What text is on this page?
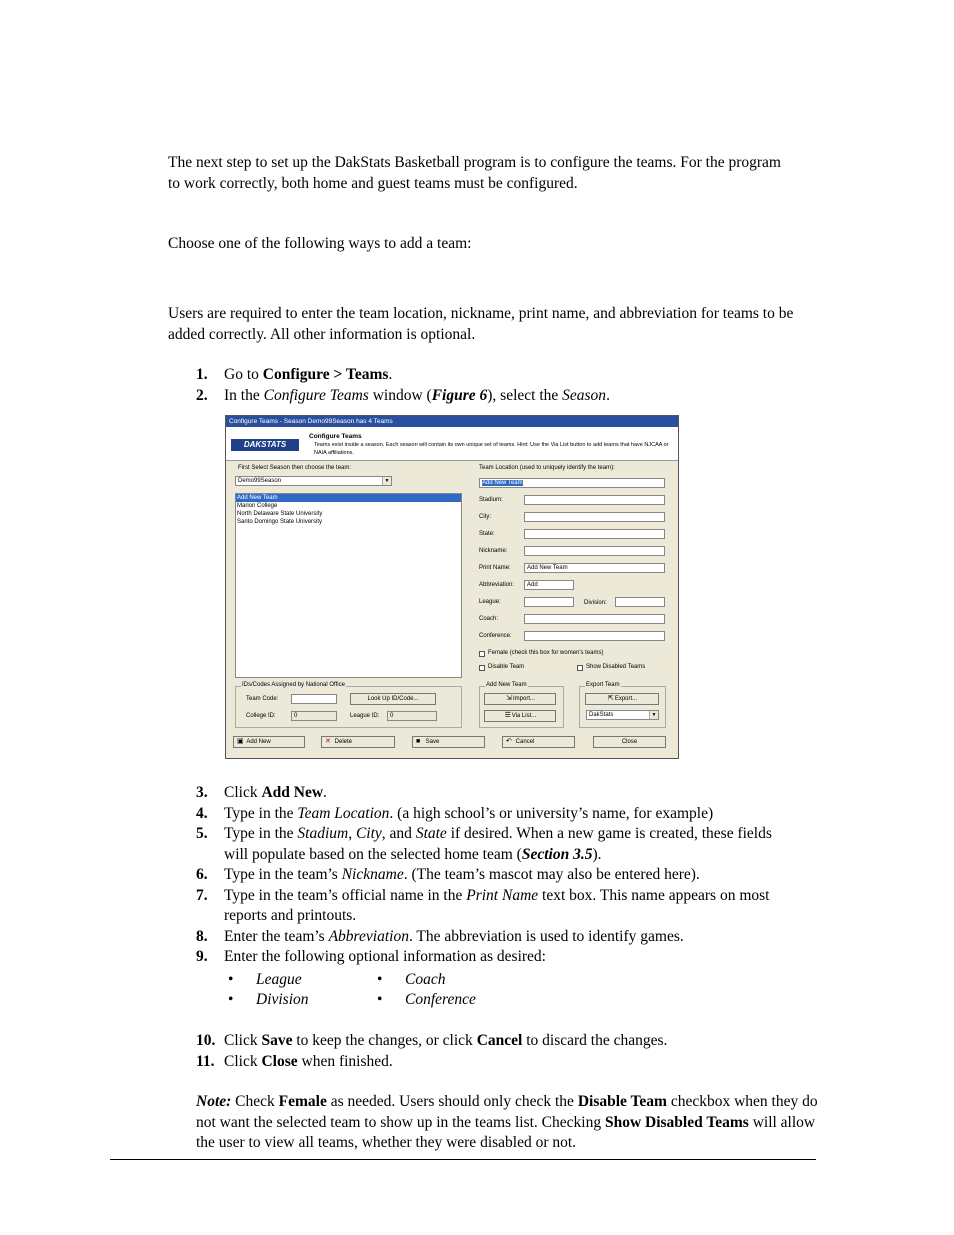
The next step to set up the DakStats Basketball program is to configure the teams. For the program to work correctly, both home and guest teams must be configured.
Choose one of the following ways to add a team:
Users are required to enter the team location, nickname, print name, and abbreviation for teams to be added correctly. All other information is optional.
1.	Go to Configure > Teams.
2.	In the Configure Teams window (Figure 6), select the Season.
Configure Teams - Season Demo99Season has 4 Teams
DAKSTATS
Configure Teams
Teams exist inside a season. Each season will contain its own unique set of teams. Hint: Use the Via List button to add teams that have NJCAA or NAIA affiliations.
First Select Season then choose the team:
Demo99Season	▼
Add New Team
Marion College
North Delaware State University
Santo Domingo State University
IDs/Codes Assigned by National Office
Team Code:	Look Up ID/Code...
College ID:	0	League ID:	0
Team Location (used to uniquely identify the team):
Add New Team
Stadium:
City:
State:
Nickname:
Print Name:	Add New Team
Abbreviation:	Add
League:	Division:
Coach:
Conference:
Female (check this box for women's teams)
Disable Team	Show Disabled Teams
Add New Team
⇲Import...
☰Via List...
Export Team
⇱Export...
DakStats	▼
▣ Add New	✕ Delete	■ Save	↶ Cancel	Close
3.	Click Add New.
4.	Type in the Team Location. (a high school’s or university’s name, for example)
5.	Type in the Stadium, City, and State if desired. When a new game is created, these fields will populate based on the selected home team (Section 3.5).
6.	Type in the team’s Nickname. (The team’s mascot may also be entered here).
7.	Type in the team’s official name in the Print Name text box. This name appears on most reports and printouts.
8.	Enter the team’s Abbreviation. The abbreviation is used to identify games.
9.	Enter the following optional information as desired:
• League	• Coach
• Division	• Conference
10. Click Save to keep the changes, or click Cancel to discard the changes.
11. Click Close when finished.
Note: Check Female as needed. Users should only check the Disable Team checkbox when they do not want the selected team to show up in the teams list. Checking Show Disabled Teams will allow the user to view all teams, whether they were disabled or not.
